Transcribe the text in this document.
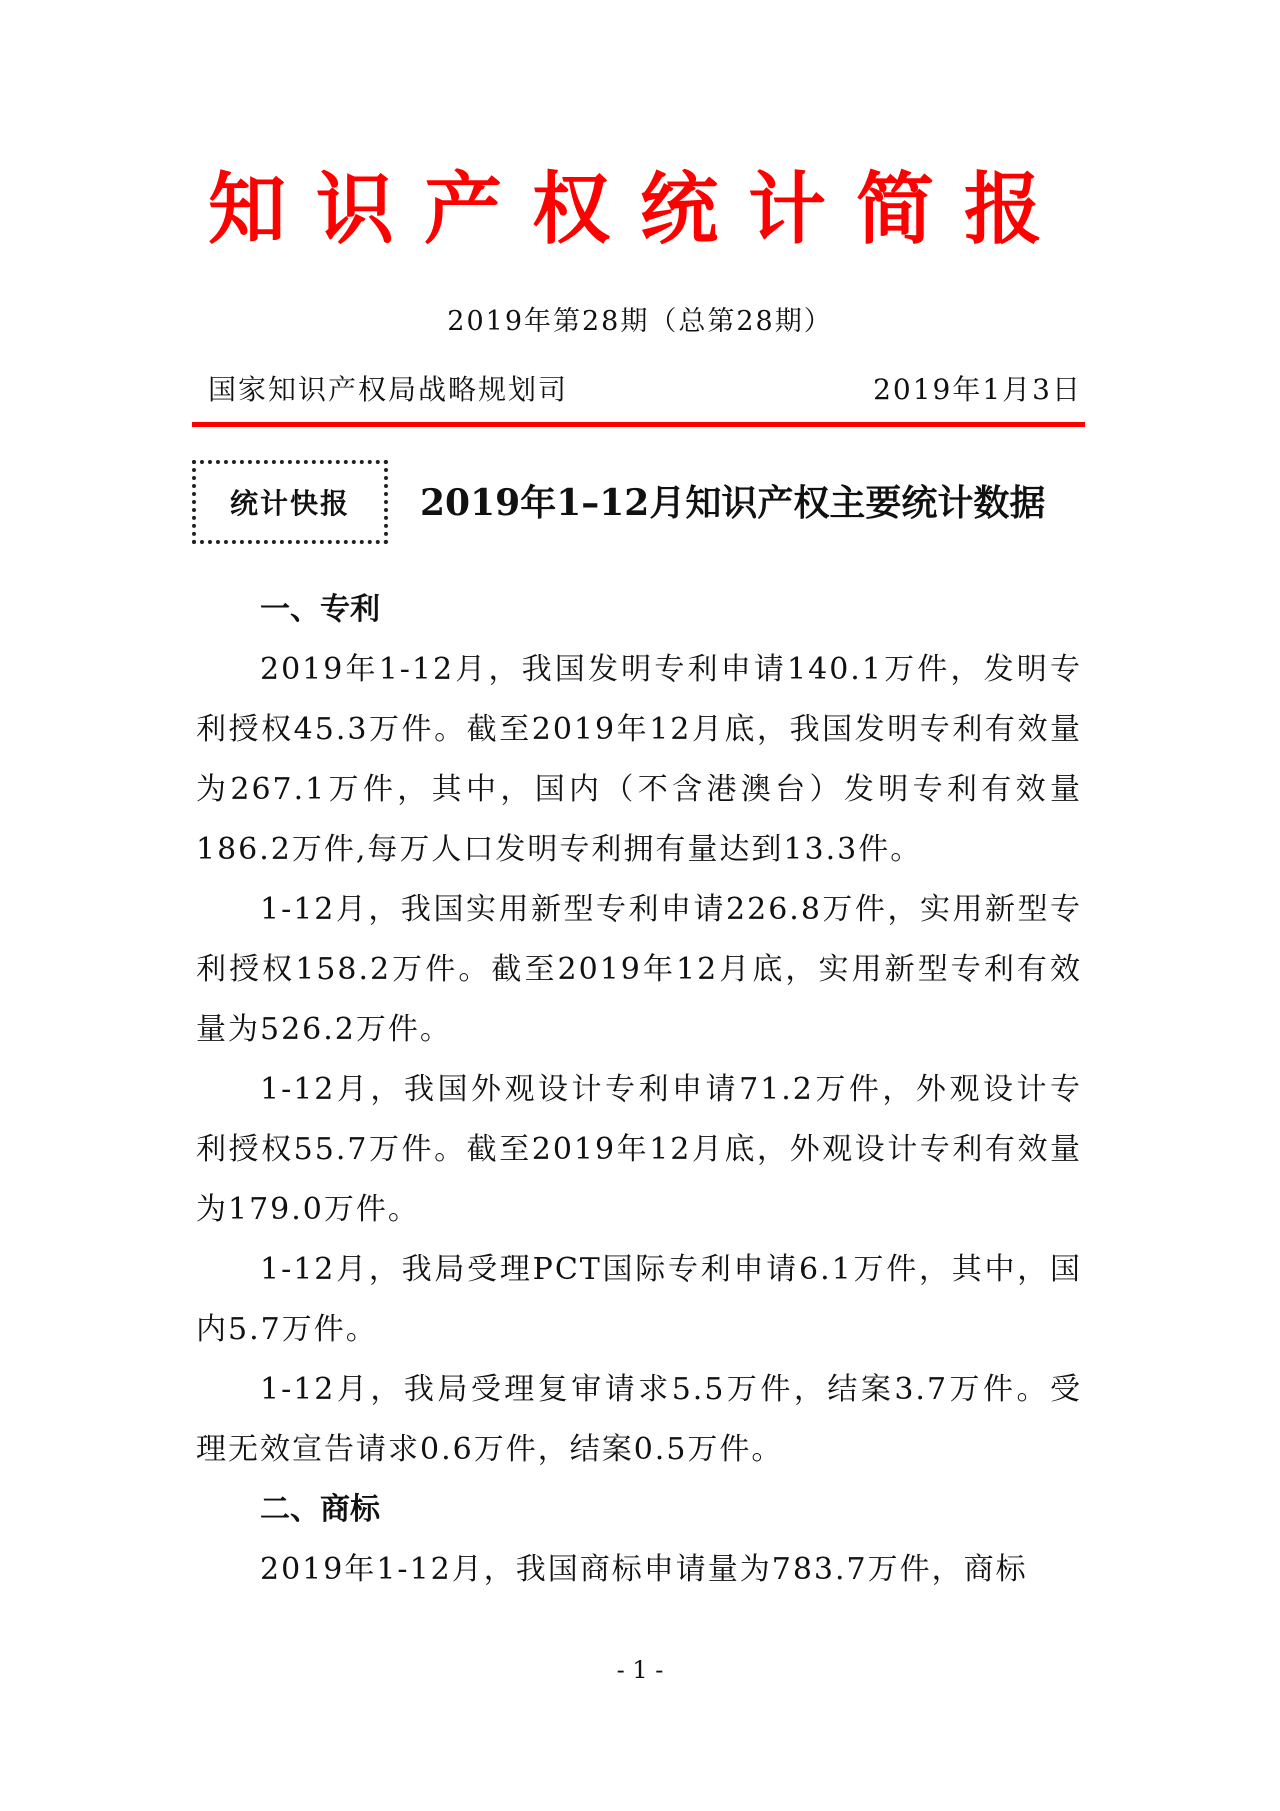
知识产权统计简报
2019年第28期（总第28期）
国家知识产权局战略规划司	2019年1月3日
统计快报	2019年1–12月知识产权主要统计数据

一、专利

2019年1-12月，我国发明专利申请140.1万件，发明专利授权45.3万件。截至2019年12月底，我国发明专利有效量为267.1万件，其中，国内（不含港澳台）发明专利有效量186.2万件,每万人口发明专利拥有量达到13.3件。

1-12月，我国实用新型专利申请226.8万件，实用新型专利授权158.2万件。截至2019年12月底，实用新型专利有效量为526.2万件。

1-12月，我国外观设计专利申请71.2万件，外观设计专利授权55.7万件。截至2019年12月底，外观设计专利有效量为179.0万件。

1-12月，我局受理PCT国际专利申请6.1万件，其中，国内5.7万件。

1-12月，我局受理复审请求5.5万件，结案3.7万件。受理无效宣告请求0.6万件，结案0.5万件。

二、商标

2019年1-12月，我国商标申请量为783.7万件，商标

- 1 -
